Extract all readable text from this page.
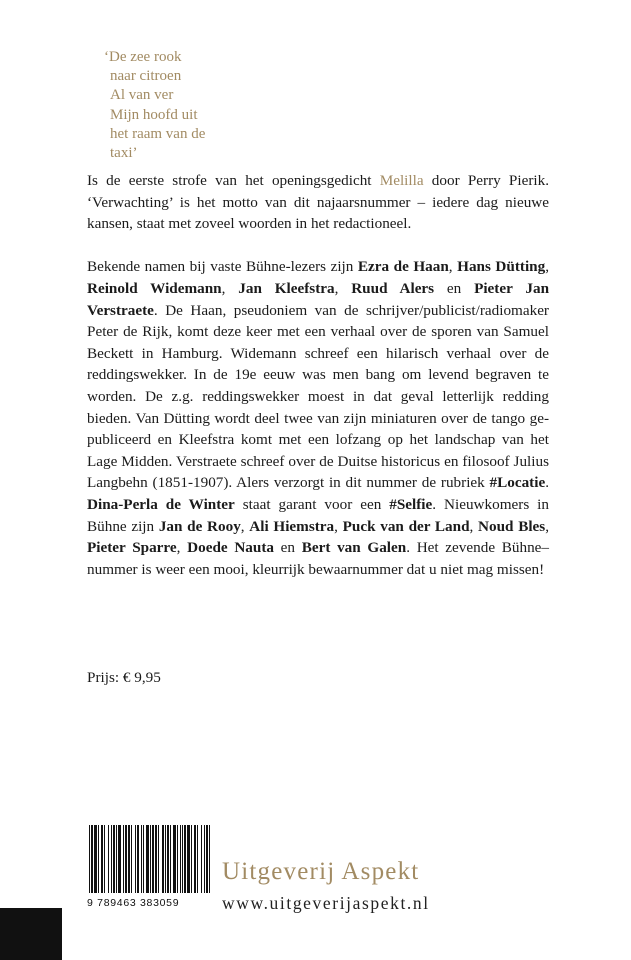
‘De zee rook
naar citroen
Al van ver
Mijn hoofd uit
het raam van de
taxi’

Is de eerste strofe van het openingsgedicht Melilla door Perry Pierik. ‘Verwachting’ is het motto van dit najaarsnummer – iedere dag nieuwe kansen, staat met zoveel woorden in het redactioneel.

Bekende namen bij vaste Bühne-lezers zijn Ezra de Haan, Hans Dütting, Reinold Widemann, Jan Kleefstra, Ruud Alers en Pieter Jan Verstraete. De Haan, pseudoniem van de schrijver/​publicist/radiomaker Peter de Rijk, komt deze keer met een verhaal over de sporen van Samuel Beckett in Hamburg. Widemann schreef een hilarisch verhaal over de reddingswekker. In de 19e eeuw was men bang om levend begraven te worden. De z.g. reddingswekker moest in dat geval letterlijk redding bieden. Van Dütting wordt deel twee van zijn miniaturen over de tango gepubliceerd en Kleefstra komt met een lofzang op het landschap van het Lage Midden. Verstraete schreef over de Duitse historicus en filosoof Julius Langbehn (1851-1907). Alers verzorgt in dit nummer de rubriek #Locatie. Dina-Perla de Winter staat garant voor een #Selfie. Nieuwkomers in Bühne zijn Jan de Rooy, Ali Hiemstra, Puck van der Land, Noud Bles, Pieter Sparre, Doede Nauta en Bert van Galen. Het zevende Bühne–nummer is weer een mooi, kleurrijk bewaarnummer dat u niet mag missen!

Prijs: € 9,95
9 789463 383059
Uitgeverij Aspekt
www.uitgeverijaspekt.nl
